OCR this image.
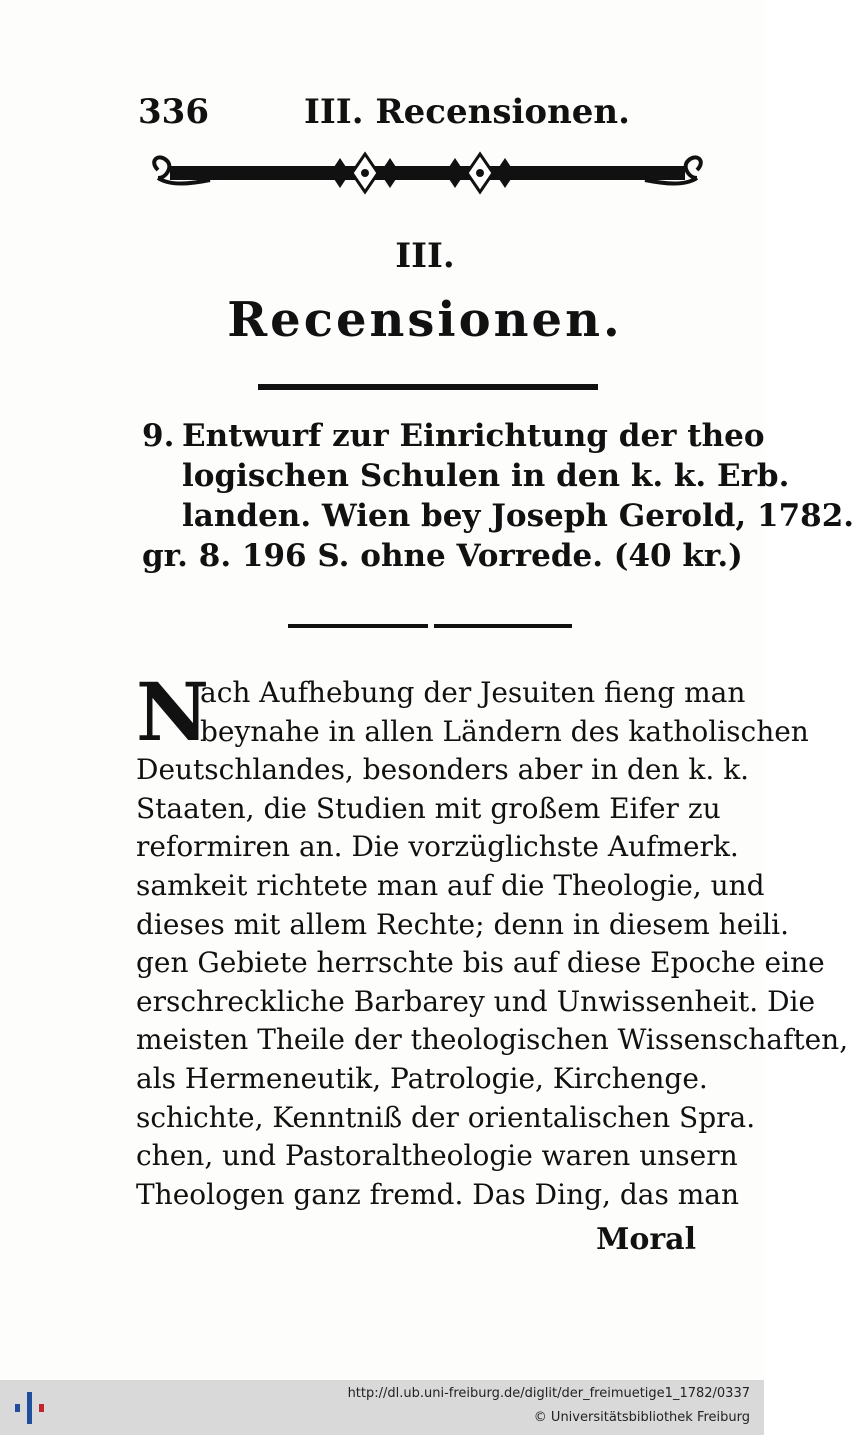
336	III. Recensionen.
III.
Recensionen.
9. Entwurf zur Einrichtung der theo
logischen Schulen in den k. k. Erb.
landen. Wien bey Joseph Gerold, 1782.
gr. 8. 196 S. ohne Vorrede. (40 kr.)
N
ach Aufhebung der Jesuiten fieng man
beynahe in allen Ländern des katholischen
Deutschlandes, besonders aber in den k. k.
Staaten, die Studien mit großem Eifer zu
reformiren an. Die vorzüglichste Aufmerk.
samkeit richtete man auf die Theologie, und
dieses mit allem Rechte; denn in diesem heili.
gen Gebiete herrschte bis auf diese Epoche eine
erschreckliche Barbarey und Unwissenheit. Die
meisten Theile der theologischen Wissenschaften,
als Hermeneutik, Patrologie, Kirchenge.
schichte, Kenntniß der orientalischen Spra.
chen, und Pastoraltheologie waren unsern
Theologen ganz fremd. Das Ding, das man
Moral
http://dl.ub.uni-freiburg.de/diglit/der_freimuetige1_1782/0337
© Universitätsbibliothek Freiburg
